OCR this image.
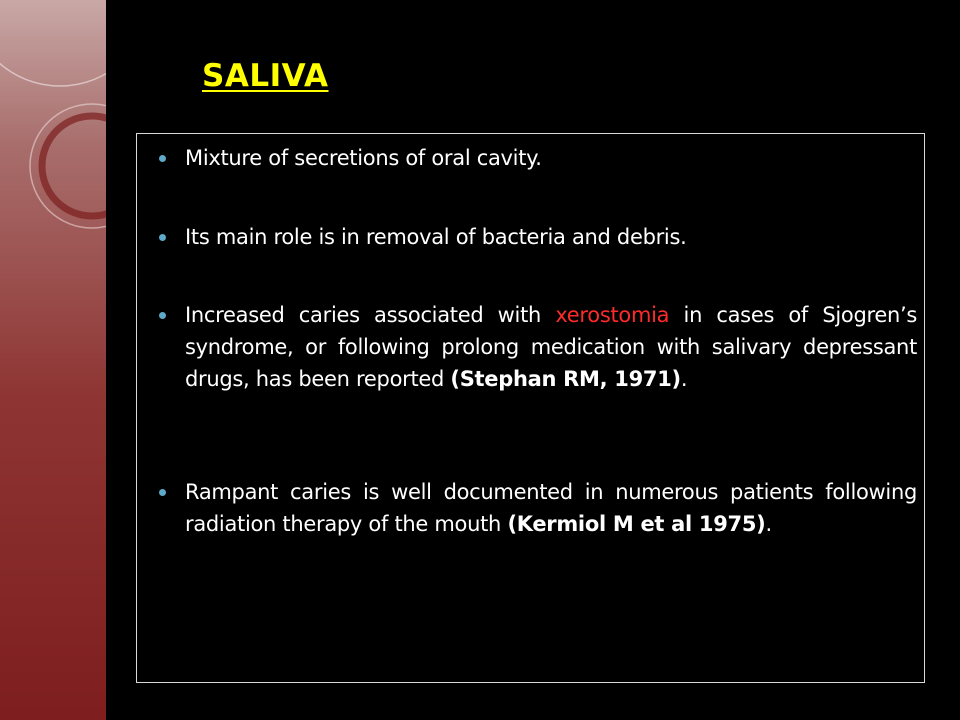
SALIVA

Mixture of secretions of oral cavity.

Its main role is in removal of bacteria and debris.

Increased caries associated with xerostomia in cases of Sjogren’s syndrome, or following prolong medication with salivary depressant drugs, has been reported (Stephan RM, 1971).

Rampant caries is well documented in numerous patients following radiation therapy of the mouth (Kermiol M et al 1975).
